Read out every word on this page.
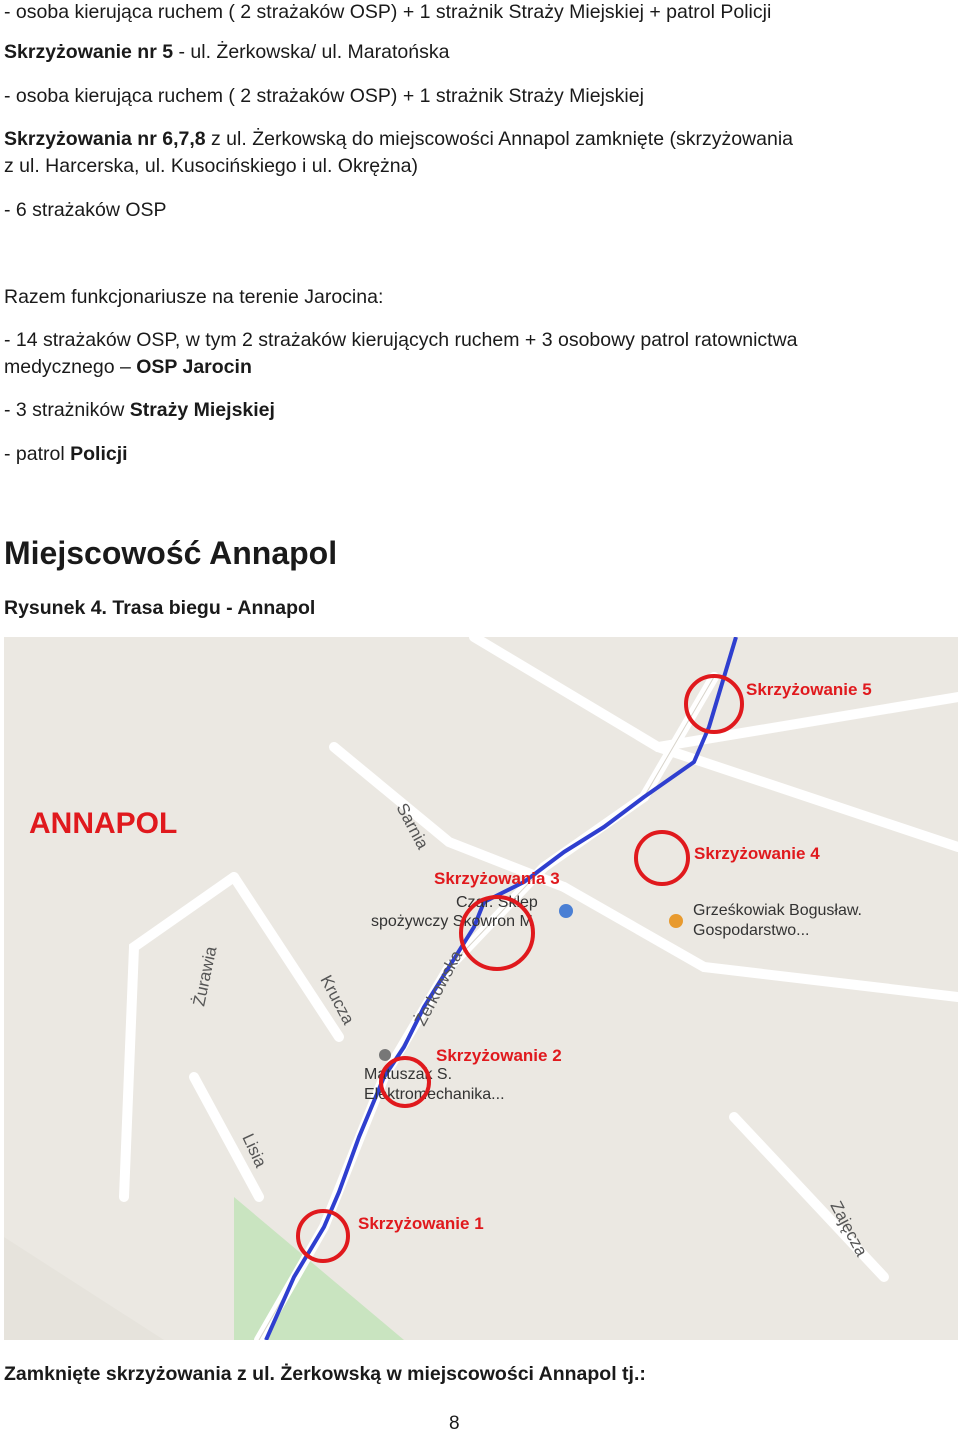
- osoba kierująca ruchem ( 2 strażaków OSP) + 1 strażnik Straży Miejskiej + patrol Policji
Skrzyżowanie nr 5 - ul. Żerkowska/ ul. Maratońska
- osoba kierująca ruchem ( 2 strażaków OSP) + 1 strażnik Straży Miejskiej
Skrzyżowania nr 6,7,8 z ul. Żerkowską do miejscowości Annapol zamknięte (skrzyżowania
z ul. Harcerska, ul. Kusocińskiego i ul. Okrężna)
- 6 strażaków OSP
Razem funkcjonariusze na terenie Jarocina:
- 14 strażaków OSP, w tym 2 strażaków kierujących ruchem + 3 osobowy patrol ratownictwa
medycznego – OSP Jarocin
- 3 strażników Straży Miejskiej
- patrol Policji
Miejscowość Annapol
Rysunek 4. Trasa biegu - Annapol
ANNAPOL	Sarnia
Żurawia	Krucza
Lisia
Żerkowska
Zajęcza
Czar. Sklep
spożywczy Skowron M
Grześkowiak Bogusław.
Gospodarstwo...
Matuszak S.
Elektromechanika...
Skrzyżowanie 5
Skrzyżowanie 4
Skrzyżowania 3
Skrzyżowanie 2
Skrzyżowanie 1
Zamknięte skrzyżowania z ul. Żerkowską w miejscowości Annapol tj.:
8
